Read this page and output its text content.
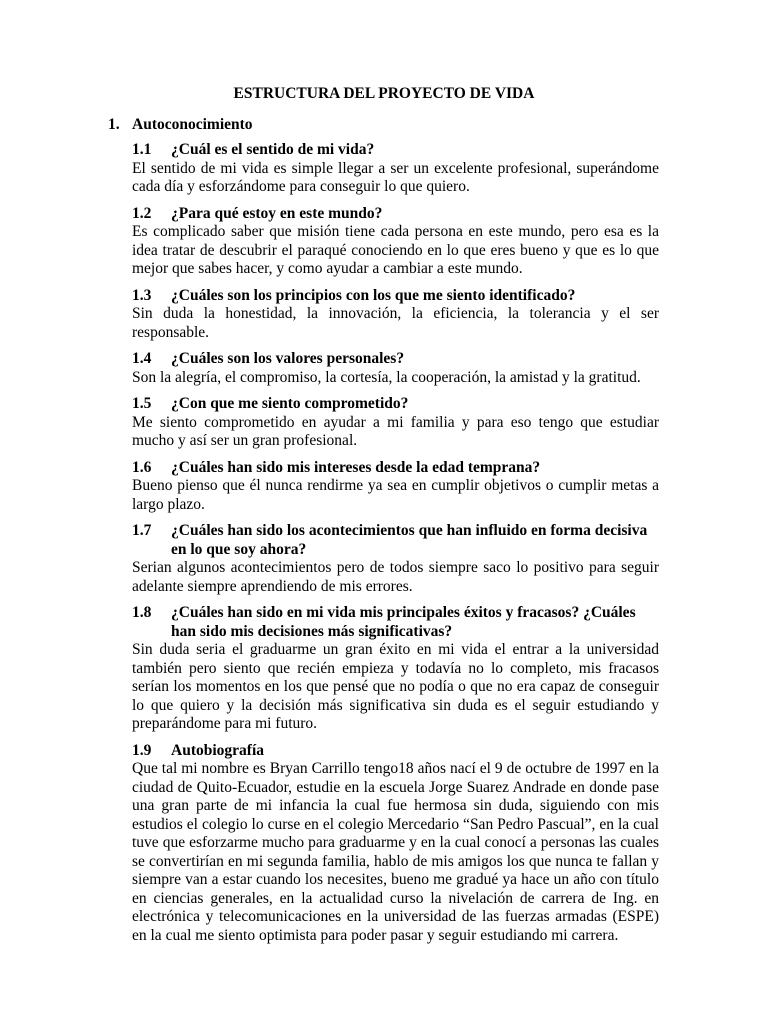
ESTRUCTURA DEL PROYECTO DE VIDA
1. Autoconocimiento
1.1	¿Cuál es el sentido de mi vida?

El sentido de mi vida es simple llegar a ser un excelente profesional, superándome cada día y esforzándome para conseguir lo que quiero.

1.2	¿Para qué estoy en este mundo?

Es complicado saber que misión tiene cada persona en este mundo, pero esa es la idea tratar de descubrir el paraqué conociendo en lo que eres bueno y que es lo que mejor que sabes hacer, y como ayudar a cambiar a este mundo.

1.3	¿Cuáles son los principios con los que me siento identificado?

Sin duda la honestidad, la innovación, la eficiencia, la tolerancia y el ser responsable.

1.4	¿Cuáles son los valores personales?

Son la alegría, el compromiso, la cortesía, la cooperación, la amistad y la gratitud.

1.5	¿Con que me siento comprometido?

Me siento comprometido en ayudar a mi familia y para eso tengo que estudiar mucho y así ser un gran profesional.

1.6	¿Cuáles han sido mis intereses desde la edad temprana?

Bueno pienso que él nunca rendirme ya sea en cumplir objetivos o cumplir metas a largo plazo.

1.7	¿Cuáles han sido los acontecimientos que han influido en forma decisiva en lo que soy ahora?

Serian algunos acontecimientos pero de todos siempre saco lo positivo para seguir adelante siempre aprendiendo de mis errores.

1.8	¿Cuáles han sido en mi vida mis principales éxitos y fracasos? ¿Cuáles han sido mis decisiones más significativas?

Sin duda seria el graduarme un gran éxito en mi vida el entrar a la universidad también pero siento que recién empieza y todavía no lo completo, mis fracasos serían los momentos en los que pensé que no podía o que no era capaz de conseguir lo que quiero y la decisión más significativa sin duda es el seguir estudiando y preparándome para mi futuro.

1.9	Autobiografía

Que tal mi nombre es Bryan Carrillo tengo18 años nací el 9 de octubre de 1997 en la ciudad de Quito-Ecuador, estudie en la escuela Jorge Suarez Andrade en donde pase una gran parte de mi infancia la cual fue hermosa sin duda, siguiendo con mis estudios el colegio lo curse en el colegio Mercedario “San Pedro Pascual”, en la cual tuve que esforzarme mucho para graduarme y en la cual conocí a personas las cuales se convertirían en mi segunda familia, hablo de mis amigos los que nunca te fallan y siempre van a estar cuando los necesites, bueno me gradué ya hace un año con título en ciencias generales, en la actualidad curso la nivelación de carrera de Ing. en electrónica y telecomunicaciones en la universidad de las fuerzas armadas (ESPE) en la cual me siento optimista para poder pasar y seguir estudiando mi carrera.
